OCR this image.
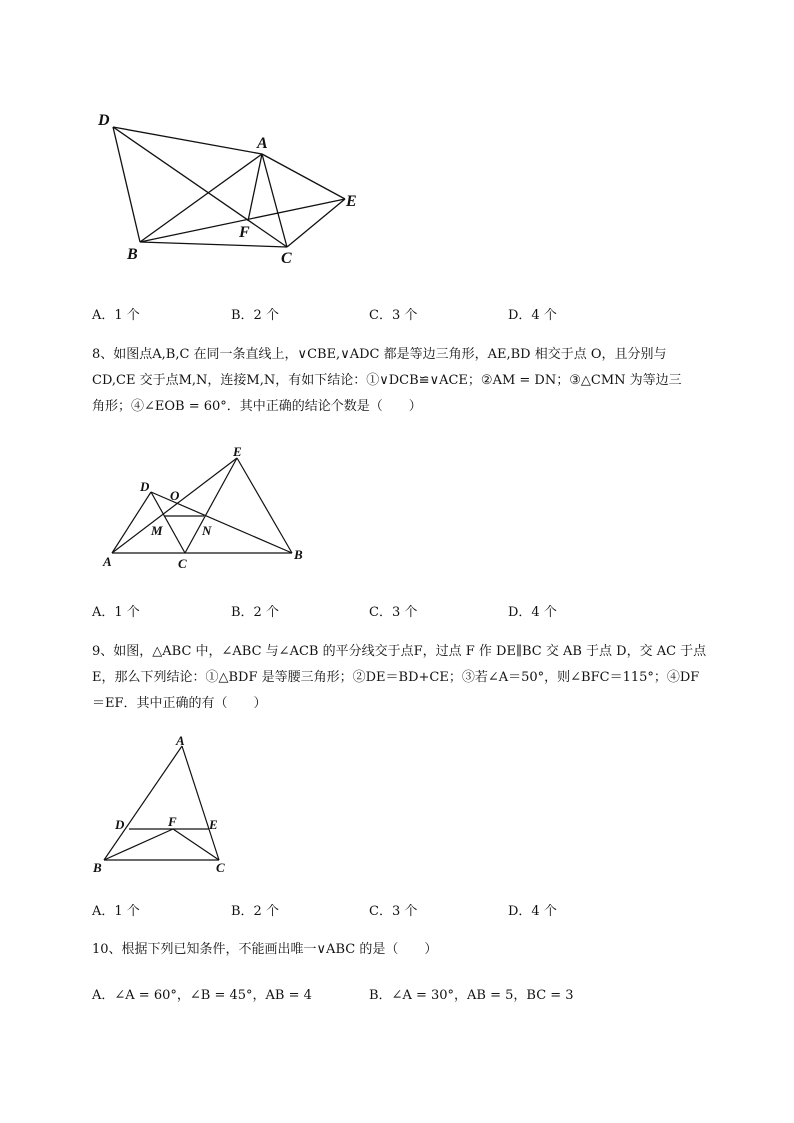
D
A
E
F
B	C
A．1 个	B．2 个	C．3 个	D．4 个

8、如图点A,B,C 在同一条直线上，∨CBE,∨ADC 都是等边三角形，AE,BD 相交于点 O，且分别与

CD,CE 交于点M,N，连接M,N，有如下结论：①∨DCB≌∨ACE；②AM = DN；③△CMN 为等边三

角形；④∠EOB = 60°．其中正确的结论个数是（　　）

E
D
O
M	N
A	C
B
A．1 个	B．2 个	C．3 个	D．4 个

9、如图，△ABC 中，∠ABC 与∠ACB 的平分线交于点F，过点 F 作 DE∥BC 交 AB 于点 D，交 AC 于点

E，那么下列结论：①△BDF 是等腰三角形；②DE＝BD+CE；③若∠A＝50°，则∠BFC＝115°；④DF

＝EF．其中正确的有（　　）

A
D	F E
B	C
A．1 个	B．2 个	C．3 个	D．4 个

10、根据下列已知条件，不能画出唯一∨ABC 的是（　　）

A．∠A = 60°，∠B = 45°，AB = 4	B．∠A = 30°，AB = 5，BC = 3
